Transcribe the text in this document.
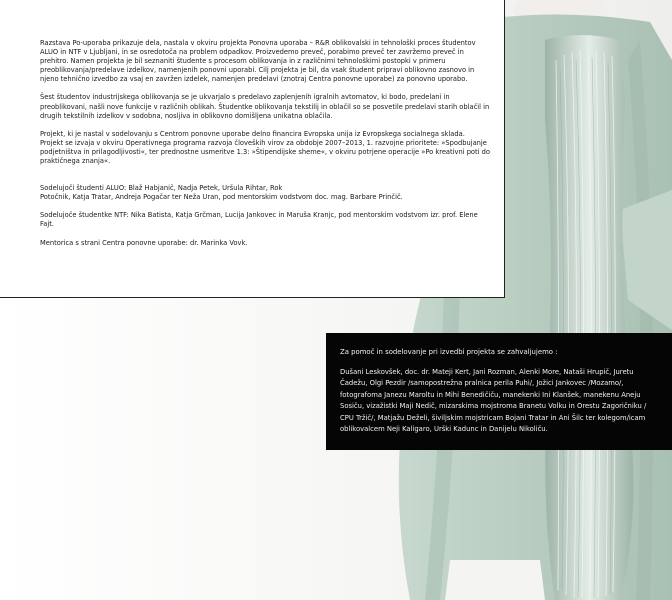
Razstava Po-uporaba prikazuje dela, nastala v okviru projekta Ponovna uporaba – R&R oblikovalski in tehnološki proces študentov ALUO in NTF v Ljubljani, in se osredotoča na problem odpadkov. Proizvedemo preveč, porabimo preveč ter zavržemo preveč in prehitro. Namen projekta je bil seznaniti študente s procesom oblikovanja in z različnimi tehnološkimi postopki v primeru preoblikovanja/predelave izdelkov, namenjenih ponovni uporabi. Cilj projekta je bil, da vsak študent pripravi oblikovno zasnovo in njeno tehnično izvedbo za vsaj en zavržen izdelek, namenjen predelavi (znotraj Centra ponovne uporabe) za ponovno uporabo.

Šest študentov industrijskega oblikovanja se je ukvarjalo s predelavo zaplenjenih igralnih avtomatov, ki bodo, predelani in preoblikovani, našli nove funkcije v različnih oblikah. Študentke oblikovanja tekstilij in oblačil so se posvetile predelavi starih oblačil in drugih tekstilnih izdelkov v sodobna, nosljiva in oblikovno domišljena unikatna oblačila.

Projekt, ki je nastal v sodelovanju s Centrom ponovne uporabe delno financira Evropska unija iz Evropskega socialnega sklada.
Projekt se izvaja v okviru Operativnega programa razvoja človeških virov za obdobje 2007–2013, 1. razvojne prioritete: »Spodbujanje podjetništva in prilagodljivosti«, ter prednostne usmeritve 1.3: »Štipendijske sheme«, v okviru potrjene operacije »Po kreativni poti do praktičnega znanja«.

Sodelujoči študenti ALUO: Blaž Habjanič, Nadja Petek, Uršula Rihtar, Rok
Potočnik, Katja Tratar, Andreja Pogačar ter Neža Uran, pod mentorskim vodstvom doc. mag. Barbare Prinčič.

Sodelujoče študentke NTF: Nika Batista, Katja Grčman, Lucija Jankovec in Maruša Kranjc, pod mentorskim vodstvom izr. prof. Elene Fajt.

Mentorica s strani Centra ponovne uporabe: dr. Marinka Vovk.

Za pomoč in sodelovanje pri izvedbi projekta se zahvaljujemo :
Dušani Leskovšek, doc. dr. Mateji Kert, Jani Rozman, Alenki More, Nataši Hrupič, Juretu Čadežu, Olgi Pezdir /samopostrežna pralnica perila Puhi/, Jožici Jankovec /Mozamo/, fotografoma Janezu Maroltu in Mihi Benedičiču, manekenki Ini Klanšek, manekenu Aneju Sosiču, vizažistki Maji Nedič, mizarskima mojstroma Branetu Volku in Orestu Zagoričniku / CPU Tržič/, Matjažu Deželi, šiviljskim mojstricam Bojani Tratar in Ani Šilc ter kolegom/icam oblikovalcem Neji Kaligaro, Urški Kadunc in Danijelu Nikoliču.
